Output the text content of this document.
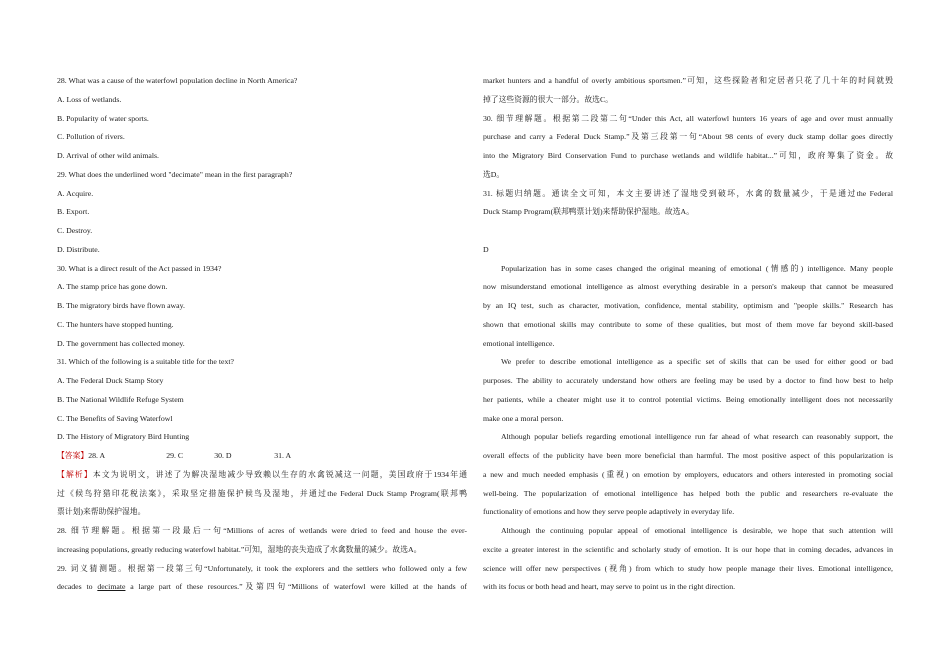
28. What was a cause of the waterfowl population decline in North America?
A. Loss of wetlands.
B. Popularity of water sports.
C. Pollution of rivers.
D. Arrival of other wild animals.
29. What does the underlined word "decimate" mean in the first paragraph?
A. Acquire.
B. Export.
C. Destroy.
D. Distribute.
30. What is a direct result of the Act passed in 1934?
A. The stamp price has gone down.
B. The migratory birds have flown away.
C. The hunters have stopped hunting.
D. The government has collected money.
31. Which of the following is a suitable title for the text?
A. The Federal Duck Stamp Story
B. The National Wildlife Refuge System
C. The Benefits of Saving Waterfowl
D. The History of Migratory Bird Hunting
【答案】28. A	29. C	30. D	31. A
【解析】本文为说明文，讲述了为解决湿地减少导致赖以生存的水禽锐减这一问题，美国政府于1934年通
过《候鸟狩猎印花税法案》，采取坚定措施保护候鸟及湿地，并通过the Federal Duck Stamp Program(联邦鸭
票计划)来帮助保护湿地。
28. 细节理解题。根据第一段最后一句“Millions of acres of wetlands were dried to feed and house the ever-
increasing populations, greatly reducing waterfowl habitat.”可知，湿地的丧失造成了水禽数量的减少。故选A。
29. 词义猜测题。根据第一段第三句“Unfortunately, it took the explorers and the settlers who followed only a few
decades to decimate a large part of these resources.”及第四句“Millions of waterfowl were killed at the hands of
market hunters and a handful of overly ambitious sportsmen.”可知，这些探险者和定居者只花了几十年的时间就毁
掉了这些资源的很大一部分。故选C。
30. 细节理解题。根据第二段第二句“Under this Act, all waterfowl hunters 16 years of age and over must annually
purchase and carry a Federal Duck Stamp.”及第三段第一句“About 98 cents of every duck stamp dollar goes directly
into the Migratory Bird Conservation Fund to purchase wetlands and wildlife habitat...”可知，政府筹集了资金。故
选D。
31. 标题归纳题。通读全文可知，本文主要讲述了湿地受到破坏，水禽的数量减少，于是通过the Federal
Duck Stamp Program(联邦鸭票计划)来帮助保护湿地。故选A。
D
Popularization has in some cases changed the original meaning of emotional (情感的) intelligence. Many people
now misunderstand emotional intelligence as almost everything desirable in a person's makeup that cannot be measured
by an IQ test, such as character, motivation, confidence, mental stability, optimism and "people skills." Research has
shown that emotional skills may contribute to some of these qualities, but most of them move far beyond skill-based
emotional intelligence.
We prefer to describe emotional intelligence as a specific set of skills that can be used for either good or bad
purposes. The ability to accurately understand how others are feeling may be used by a doctor to find how best to help
her patients, while a cheater might use it to control potential victims. Being emotionally intelligent does not necessarily
make one a moral person.
Although popular beliefs regarding emotional intelligence run far ahead of what research can reasonably support, the
overall effects of the publicity have been more beneficial than harmful. The most positive aspect of this popularization is
a new and much needed emphasis (重视) on emotion by employers, educators and others interested in promoting social
well-being. The popularization of emotional intelligence has helped both the public and researchers re-evaluate the
functionality of emotions and how they serve people adaptively in everyday life.
Although the continuing popular appeal of emotional intelligence is desirable, we hope that such attention will
excite a greater interest in the scientific and scholarly study of emotion. It is our hope that in coming decades, advances in
science will offer new perspectives (视角) from which to study how people manage their lives. Emotional intelligence,
with its focus or both head and heart, may serve to point us in the right direction.
